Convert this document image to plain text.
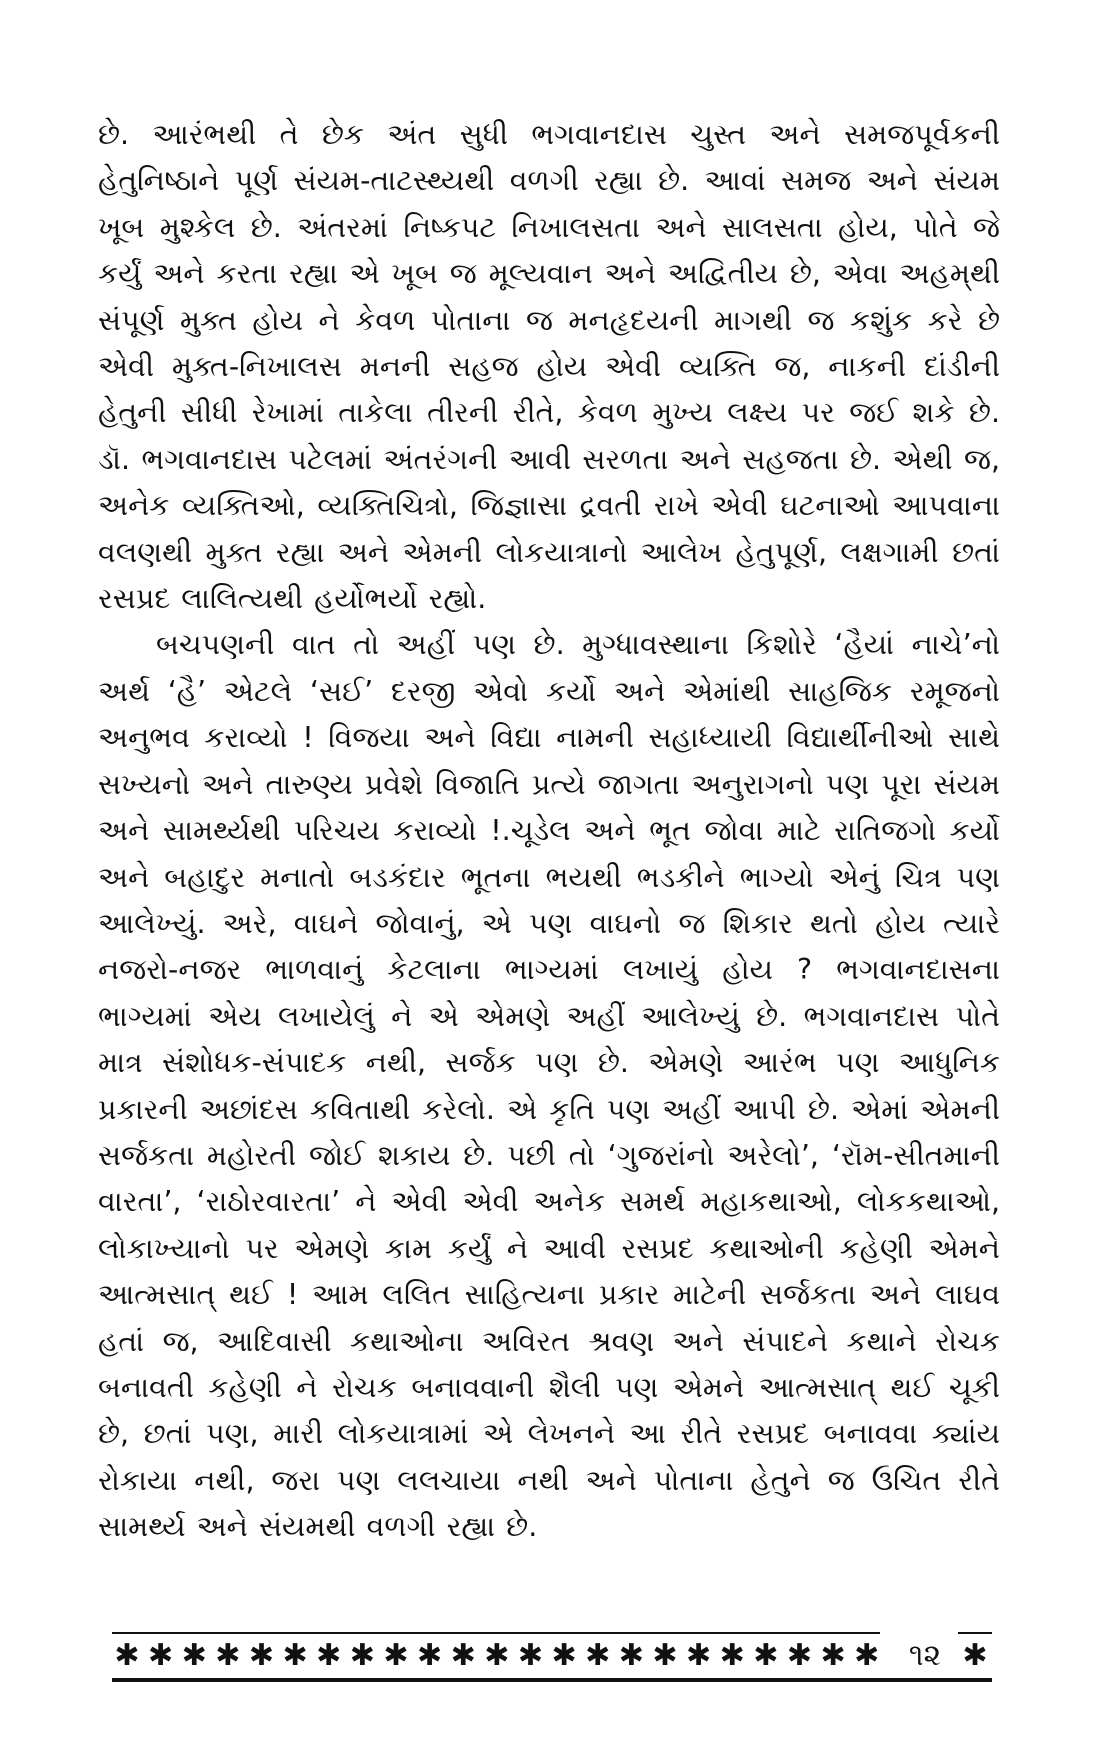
છે. આરંભથી તે છેક અંત સુધી ભગવાનદાસ ચુસ્ત અને સમજપૂર્વકની હેતુનિષ્ઠાને પૂર્ણ સંયમ-તાટસ્થ્યથી વળગી રહ્યા છે. આવાં સમજ અને સંયમ ખૂબ મુશ્કેલ છે. અંતરમાં નિષ્કપટ નિખાલસતા અને સાલસતા હોય, પોતે જે કર્યું અને કરતા રહ્યા એ ખૂબ જ મૂલ્યવાન અને અદ્વિતીય છે, એવા અહમ્‌થી સંપૂર્ણ મુક્ત હોય ને કેવળ પોતાના જ મનહૃદયની માગથી જ કશુંક કરે છે એવી મુક્ત-નિખાલસ મનની સહજ હોય એવી વ્યક્તિ જ, નાકની દાંડીની હેતુની સીધી રેખામાં તાકેલા તીરની રીતે, કેવળ મુખ્ય લક્ષ્ય પર જઈ શકે છે. ડૉ. ભગવાનદાસ પટેલમાં અંતરંગની આવી સરળતા અને સહજતા છે. એથી જ, અનેક વ્યક્તિઓ, વ્યક્તિચિત્રો, જિજ્ઞાસા દ્રવતી રાખે એવી ઘટનાઓ આપવાના વલણથી મુક્ત રહ્યા અને એમની લોકયાત્રાનો આલેખ હેતુપૂર્ણ, લક્ષગામી છતાં રસપ્રદ લાલિત્યથી હર્યોભર્યો રહ્યો.

બચપણની વાત તો અહીં પણ છે. મુગ્ધાવસ્થાના કિશોરે ‘હૈયાં નાચે’નો અર્થ ‘હૈ’ એટલે ‘સઈ’ દરજી એવો કર્યો અને એમાંથી સાહજિક રમૂજનો અનુભવ કરાવ્યો ! વિજયા અને વિદ્યા નામની સહાધ્યાયી વિદ્યાર્થીનીઓ સાથે સખ્યનો અને તારુણ્ય પ્રવેશે વિજાતિ પ્રત્યે જાગતા અનુરાગનો પણ પૂરા સંયમ અને સામર્થ્યથી પરિચય કરાવ્યો !.ચૂડેલ અને ભૂત જોવા માટે રાતિજગો કર્યો અને બહાદુર મનાતો બડકંદાર ભૂતના ભયથી ભડકીને ભાગ્યો એનું ચિત્ર પણ આલેખ્યું. અરે, વાઘને જોવાનું, એ પણ વાઘનો જ શિકાર થતો હોય ત્યારે નજરો-નજર ભાળવાનું કેટલાના ભાગ્યમાં લખાયું હોય ? ભગવાનદાસના ભાગ્યમાં એય લખાયેલું ને એ એમણે અહીં આલેખ્યું છે. ભગવાનદાસ પોતે માત્ર સંશોધક-સંપાદક નથી, સર્જક પણ છે. એમણે આરંભ પણ આધુનિક પ્રકારની અછાંદસ કવિતાથી કરેલો. એ કૃતિ પણ અહીં આપી છે. એમાં એમની સર્જકતા મહોરતી જોઈ શકાય છે. પછી તો ‘ગુજરાંનો અરેલો’, ‘રૉમ-સીતમાની વારતા’, ‘રાઠોરવારતા’ ને એવી એવી અનેક સમર્થ મહાકથાઓ, લોકકથાઓ, લોકાખ્યાનો પર એમણે કામ કર્યું ને આવી રસપ્રદ કથાઓની કહેણી એમને આત્મસાત્ થઈ ! આમ લલિત સાહિત્યના પ્રકાર માટેની સર્જકતા અને લાઘવ હતાં જ, આદિવાસી કથાઓના અવિરત શ્રવણ અને સંપાદને કથાને રોચક બનાવતી કહેણી ને રોચક બનાવવાની શૈલી પણ એમને આત્મસાત્ થઈ ચૂકી છે, છતાં પણ, મારી લોકયાત્રામાં એ લેખનને આ રીતે રસપ્રદ બનાવવા ક્યાંય રોકાયા નથી, જરા પણ લલચાયા નથી અને પોતાના હેતુને જ ઉચિત રીતે સામર્થ્ય અને સંયમથી વળગી રહ્યા છે.

✱ ✱ ✱ ✱ ✱ ✱ ✱ ✱ ✱ ✱ ✱ ✱ ✱ ✱ ✱ ✱ ✱ ✱ ✱ ✱ ✱ ✱ ✱ ૧૨ ✱
